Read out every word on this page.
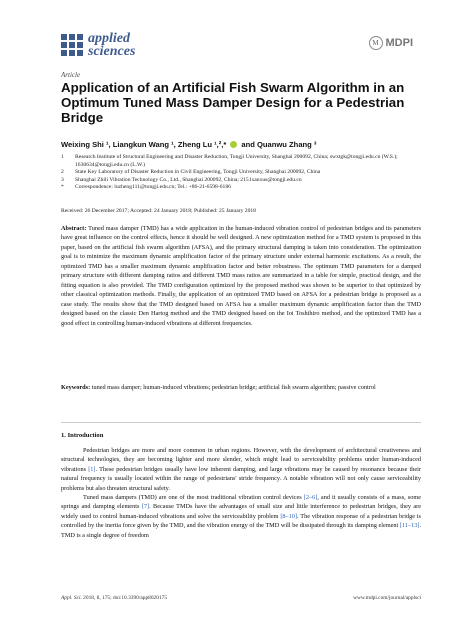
applied
sciences
M MDPI
Article
Application of an Artificial Fish Swarm Algorithm in an Optimum Tuned Mass Damper Design for a Pedestrian Bridge
Weixing Shi ¹, Liangkun Wang ¹, Zheng Lu ¹,²,* and Quanwu Zhang ³
1	Research Institute of Structural Engineering and Disaster Reduction, Tongji University, Shanghai 200092, China; swxtgk@tongji.edu.cn (W.S.); 1630634@tongji.edu.cn (L.W.)
2	State Key Laboratory of Disaster Reduction in Civil Engineering, Tongji University, Shanghai 200092, China
3	Shanghai Zhili Vibration Technology Co., Ltd., Shanghai 200092, China; 2151xanxus@tongji.edu.cn
*	Correspondence: luzheng111@tongji.edu.cn; Tel.: +86-21-6598-6186
Received: 26 December 2017; Accepted: 24 January 2018; Published: 25 January 2018
Abstract: Tuned mass damper (TMD) has a wide application in the human-induced vibration control of pedestrian bridges and its parameters have great influence on the control effects, hence it should be well designed. A new optimization method for a TMD system is proposed in this paper, based on the artificial fish swarm algorithm (AFSA), and the primary structural damping is taken into consideration. The optimization goal is to minimize the maximum dynamic amplification factor of the primary structure under external harmonic excitations. As a result, the optimized TMD has a smaller maximum dynamic amplification factor and better robustness. The optimum TMD parameters for a damped primary structure with different damping ratios and different TMD mass ratios are summarized in a table for simple, practical design, and the fitting equation is also provided. The TMD configuration optimized by the proposed method was shown to be superior to that optimized by other classical optimization methods. Finally, the application of an optimized TMD based on AFSA for a pedestrian bridge is proposed as a case study. The results show that the TMD designed based on AFSA has a smaller maximum dynamic amplification factor than the TMD designed based on the classic Den Hartog method and the TMD designed based on the Ioi Toshihiro method, and the optimized TMD has a good effect in controlling human-induced vibrations at different frequencies.
Keywords: tuned mass damper; human-induced vibrations; pedestrian bridge; artificial fish swarm algorithm; passive control
1. Introduction

Pedestrian bridges are more and more common in urban regions. However, with the development of architectural creativeness and structural technologies, they are becoming lighter and more slender, which might lead to serviceability problems under human-induced vibrations [1]. These pedestrian bridges usually have low inherent damping, and large vibrations may be caused by resonance because their natural frequency is usually located within the range of pedestrians' stride frequency. A notable vibration will not only cause serviceability problems but also threaten structural safety.

Tuned mass dampers (TMD) are one of the most traditional vibration control devices [2–6], and it usually consists of a mass, some springs and damping elements [7]. Because TMDs have the advantages of small size and little interference to pedestrian bridges, they are widely used to control human-induced vibrations and solve the serviceability problem [8–10]. The vibration response of a pedestrian bridge is controlled by the inertia force given by the TMD, and the vibration energy of the TMD will be dissipated through its damping element [11–13]. TMD is a single degree of freedom

Appl. Sci. 2018, 8, 175; doi:10.3390/app8020175	www.mdpi.com/journal/applsci
